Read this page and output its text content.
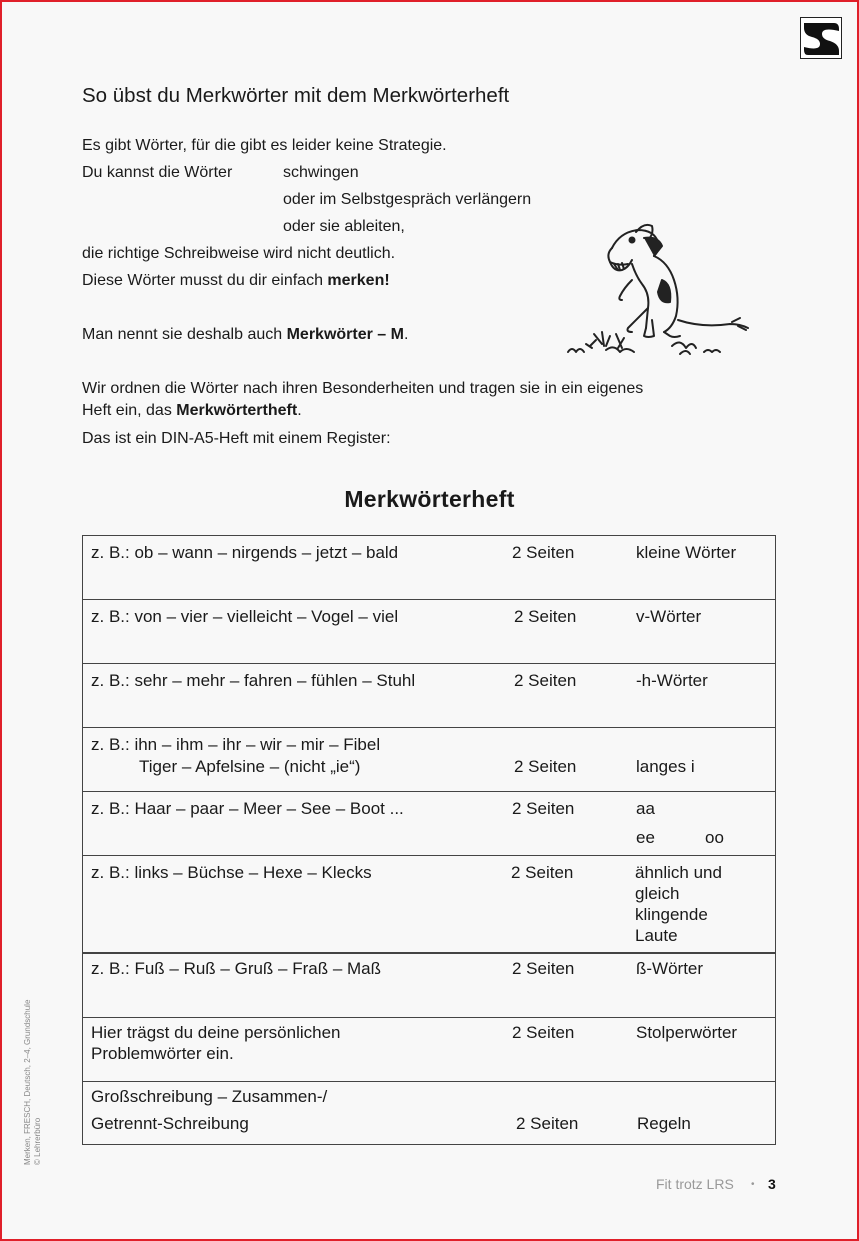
So übst du Merkwörter mit dem Merkwörterheft
Es gibt Wörter, für die gibt es leider keine Strategie.
Du kannst die Wörter	schwingen
oder im Selbstgespräch verlängern
oder sie ableiten,
die richtige Schreibweise wird nicht deutlich.
Diese Wörter musst du dir einfach merken!
Man nennt sie deshalb auch Merkwörter – M.
Wir ordnen die Wörter nach ihren Besonderheiten und tragen sie in ein eigenes
Heft ein, das Merkwörtertheft.
Das ist ein DIN-A5-Heft mit einem Register:
Merkwörterheft
z. B.: ob – wann – nirgends – jetzt – bald	2 Seiten	kleine Wörter
z. B.: von – vier – vielleicht – Vogel – viel	2 Seiten	v-Wörter
z. B.: sehr – mehr – fahren – fühlen – Stuhl	2 Seiten	-h-Wörter
z. B.: ihn – ihm – ihr – wir – mir – Fibel
Tiger – Apfelsine – (nicht „ie“)	2 Seiten	langes i
z. B.: Haar – paar – Meer – See – Boot ...	2 Seiten	aa
ee	oo
z. B.: links – Büchse – Hexe – Klecks	2 Seiten	ähnlich und
gleich
klingende
Laute
z. B.: Fuß – Ruß – Gruß – Fraß – Maß	2 Seiten	ß-Wörter
Hier trägst du deine persönlichen
Problemwörter ein.
2 Seiten	Stolperwörter
Großschreibung – Zusammen-/
Getrennt-Schreibung	2 Seiten	Regeln
Merken, FRESCH, Deutsch, 2–4, Grundschule © Lehrerbüro
Fit trotz LRS • 3
